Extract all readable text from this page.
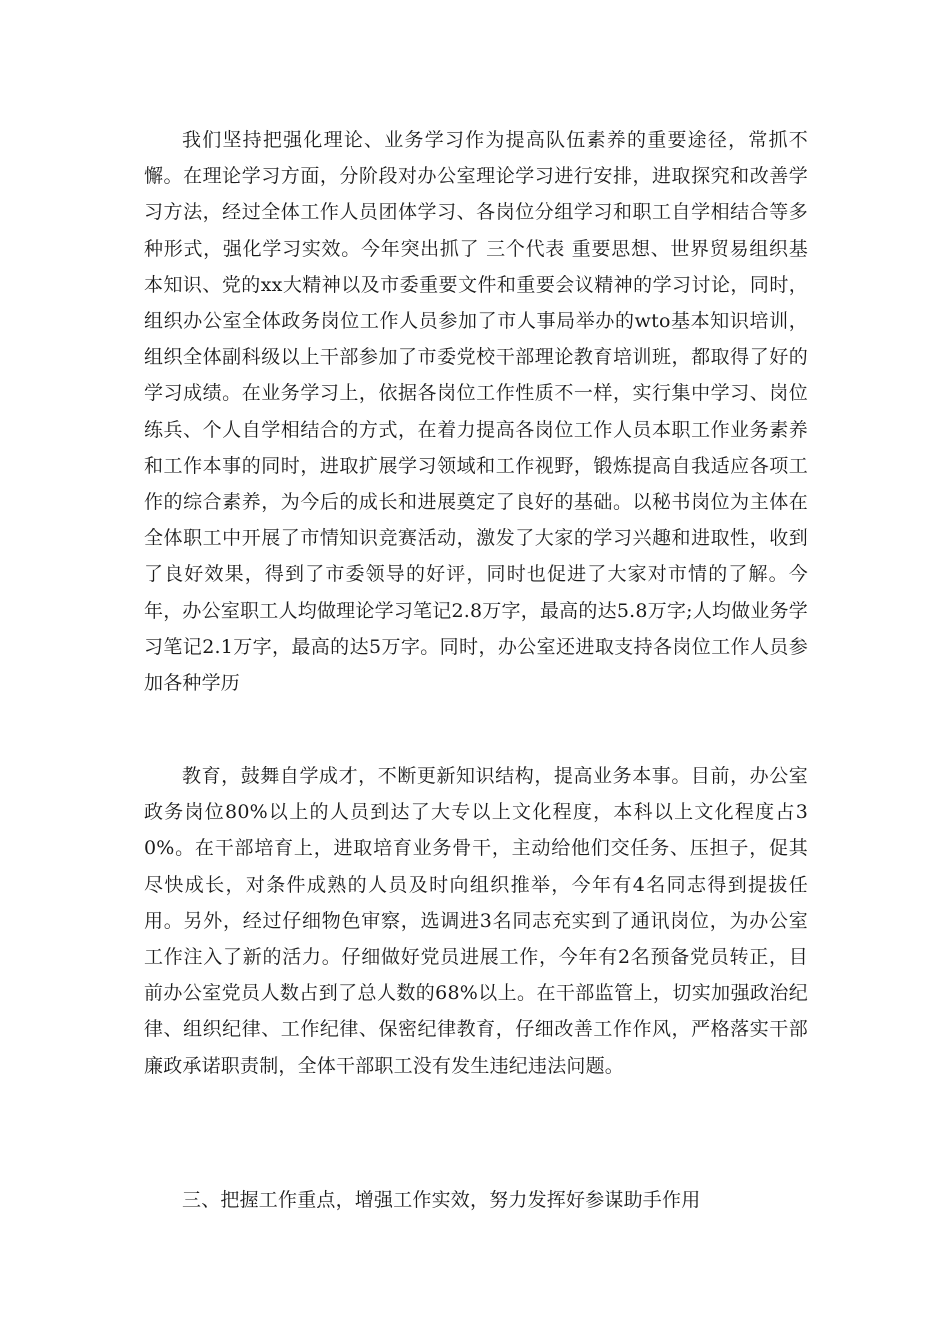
我们坚持把强化理论、业务学习作为提高队伍素养的重要途径，常抓不懈。在理论学习方面，分阶段对办公室理论学习进行安排，进取探究和改善学习方法，经过全体工作人员团体学习、各岗位分组学习和职工自学相结合等多种形式，强化学习实效。今年突出抓了 三个代表 重要思想、世界贸易组织基本知识、党的xx大精神以及市委重要文件和重要会议精神的学习讨论，同时，组织办公室全体政务岗位工作人员参加了市人事局举办的wto基本知识培训，组织全体副科级以上干部参加了市委党校干部理论教育培训班，都取得了好的学习成绩。在业务学习上，依据各岗位工作性质不一样，实行集中学习、岗位练兵、个人自学相结合的方式，在着力提高各岗位工作人员本职工作业务素养和工作本事的同时，进取扩展学习领域和工作视野，锻炼提高自我适应各项工作的综合素养，为今后的成长和进展奠定了良好的基础。以秘书岗位为主体在全体职工中开展了市情知识竞赛活动，激发了大家的学习兴趣和进取性，收到了良好效果，得到了市委领导的好评，同时也促进了大家对市情的了解。今年，办公室职工人均做理论学习笔记2.8万字，最高的达5.8万字;人均做业务学习笔记2.1万字，最高的达5万字。同时，办公室还进取支持各岗位工作人员参加各种学历

教育，鼓舞自学成才，不断更新知识结构，提高业务本事。目前，办公室政务岗位80%以上的人员到达了大专以上文化程度，本科以上文化程度占30%。在干部培育上，进取培育业务骨干，主动给他们交任务、压担子，促其尽快成长，对条件成熟的人员及时向组织推举，今年有4名同志得到提拔任用。另外，经过仔细物色审察，选调进3名同志充实到了通讯岗位，为办公室工作注入了新的活力。仔细做好党员进展工作，今年有2名预备党员转正，目前办公室党员人数占到了总人数的68%以上。在干部监管上，切实加强政治纪律、组织纪律、工作纪律、保密纪律教育，仔细改善工作作风，严格落实干部廉政承诺职责制，全体干部职工没有发生违纪违法问题。

三、把握工作重点，增强工作实效，努力发挥好参谋助手作用
